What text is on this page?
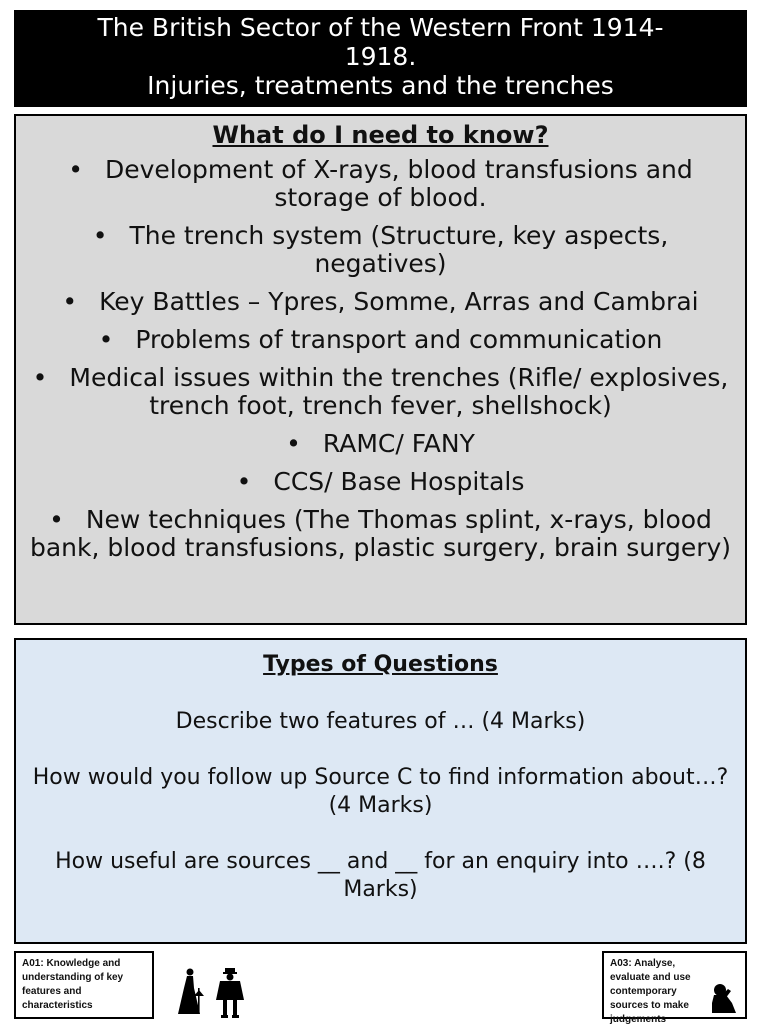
The British Sector of the Western Front 1914-
1918.
Injuries, treatments and the trenches
What do I need to know?
• Development of X-rays, blood transfusions and storage of blood.
• The trench system (Structure, key aspects, negatives)
• Key Battles – Ypres, Somme, Arras and Cambrai
• Problems of transport and communication
• Medical issues within the trenches (Rifle/ explosives, trench foot, trench fever, shellshock)
• RAMC/ FANY
• CCS/ Base Hospitals
• New techniques (The Thomas splint, x-rays, blood bank, blood transfusions, plastic surgery, brain surgery)
Types of Questions
Describe two features of … (4 Marks)
How would you follow up Source C to find information about…? (4 Marks)
How useful are sources __ and __ for an enquiry into ….? (8 Marks)
A01: Knowledge and understanding of key features and characteristics
A03: Analyse, evaluate and use contemporary sources to make judgements
